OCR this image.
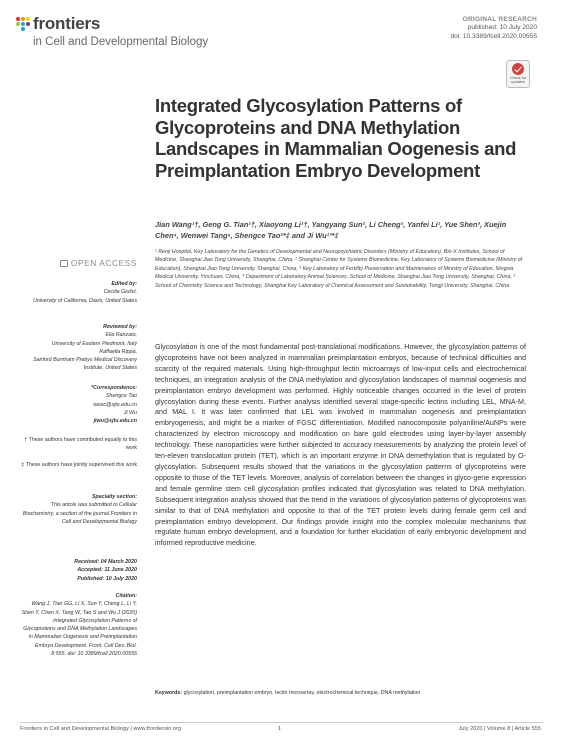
frontiers
in Cell and Developmental Biology
ORIGINAL RESEARCH
published: 10 July 2020
doi: 10.3389/fcell.2020.00555
Check for updates
Integrated Glycosylation Patterns of Glycoproteins and DNA Methylation Landscapes in Mammalian Oogenesis and Preimplantation Embryo Development
Jian Wang¹†, Geng G. Tian¹†, Xiaoyong Li¹†, Yangyang Sun², Li Cheng², Yanfei Li¹, Yue Shen³, Xuejin Chen⁴, Wenwei Tang⁵, Shengce Tao²*‡ and Ji Wu¹³*‡
¹ Renji Hospital, Key Laboratory for the Genetics of Developmental and Neuropsychiatric Disorders (Ministry of Education), Bio-X Institutes, School of Medicine, Shanghai Jiao Tong University, Shanghai, China, ² Shanghai Center for Systems Biomedicine, Key Laboratory of Systems Biomedicine (Ministry of Education), Shanghai Jiao Tong University, Shanghai, China, ³ Key Laboratory of Fertility Preservation and Maintenance of Ministry of Education, Ningxia Medical University, Yinchuan, China, ⁴ Department of Laboratory Animal Sciences, School of Medicine, Shanghai Jiao Tong University, Shanghai, China, ⁵ School of Chemistry Science and Technology, Shanghai Key Laboratory of Chemical Assessment and Sustainability, Tongji University, Shanghai, China
OPEN ACCESS
Edited by:
Cecilia Giulivi,
University of California, Davis, United States
Reviewed by:
Elia Ranzato,
University of Eastern Piedmont, Italy
Raffaella Rippa,
Sanford Burnham Prebys Medical Discovery Institute, United States
*Correspondence:
Shengce Tao
taosc@sjtu.edu.cn
Ji Wu
jiwu@sjtu.edu.cn
† These authors have contributed equally to this work
‡ These authors have jointly supervised this work
Specialty section:
This article was submitted to Cellular Biochemistry, a section of the journal Frontiers in Cell and Developmental Biology
Received: 04 March 2020
Accepted: 11 June 2020
Published: 10 July 2020
Citation:
Wang J, Tian GG, Li X, Sun Y, Cheng L, Li Y, Shen Y, Chen X, Tang W, Tao S and Wu J (2020) Integrated Glycosylation Patterns of Glycoproteins and DNA Methylation Landscapes in Mammalian Oogenesis and Preimplantation Embryo Development. Front. Cell Dev. Biol. 8:555. doi: 10.3389/fcell.2020.00555
Glycosylation is one of the most fundamental post-translational modifications. However, the glycosylation patterns of glycoproteins have not been analyzed in mammalian preimplantation embryos, because of technical difficulties and scarcity of the required materials. Using high-throughput lectin microarrays of low-input cells and electrochemical techniques, an integration analysis of the DNA methylation and glycosylation landscapes of mammal oogenesis and preimplantation embryo development was performed. Highly noticeable changes occurred in the level of protein glycosylation during these events. Further analysis identified several stage-specific lectins including LEL, MNA-M, and MAL I. It was later confirmed that LEL was involved in mammalian oogenesis and preimplantation embryogenesis, and might be a marker of FGSC differentiation. Modified nanocomposite polyaniline/AuNPs were characterized by electron microscopy and modification on bare gold electrodes using layer-by-layer assembly technology. These nanoparticles were further subjected to accuracy measurements by analyzing the protein level of ten-eleven translocation protein (TET), which is an important enzyme in DNA demethylation that is regulated by O-glycosylation. Subsequent results showed that the variations in the glycosylation patterns of glycoproteins were opposite to those of the TET levels. Moreover, analysis of correlation between the changes in glyco-gene expression and female germline stem cell glycosylation profiles indicated that glycosylation was related to DNA methylation. Subsequent integration analysis showed that the trend in the variations of glycosylation patterns of glycoproteins was similar to that of DNA methylation and opposite to that of the TET protein levels during female germ cell and preimplantation embryo development. Our findings provide insight into the complex molecular mechanisms that regulate human embryo development, and a foundation for further elucidation of early embryonic development and informed reproductive medicine.
Keywords: glycosylation, preimplantation embryo, lectin microarray, electrochemical technique, DNA methylation
Frontiers in Cell and Developmental Biology | www.frontiersin.org	1	July 2020 | Volume 8 | Article 555
